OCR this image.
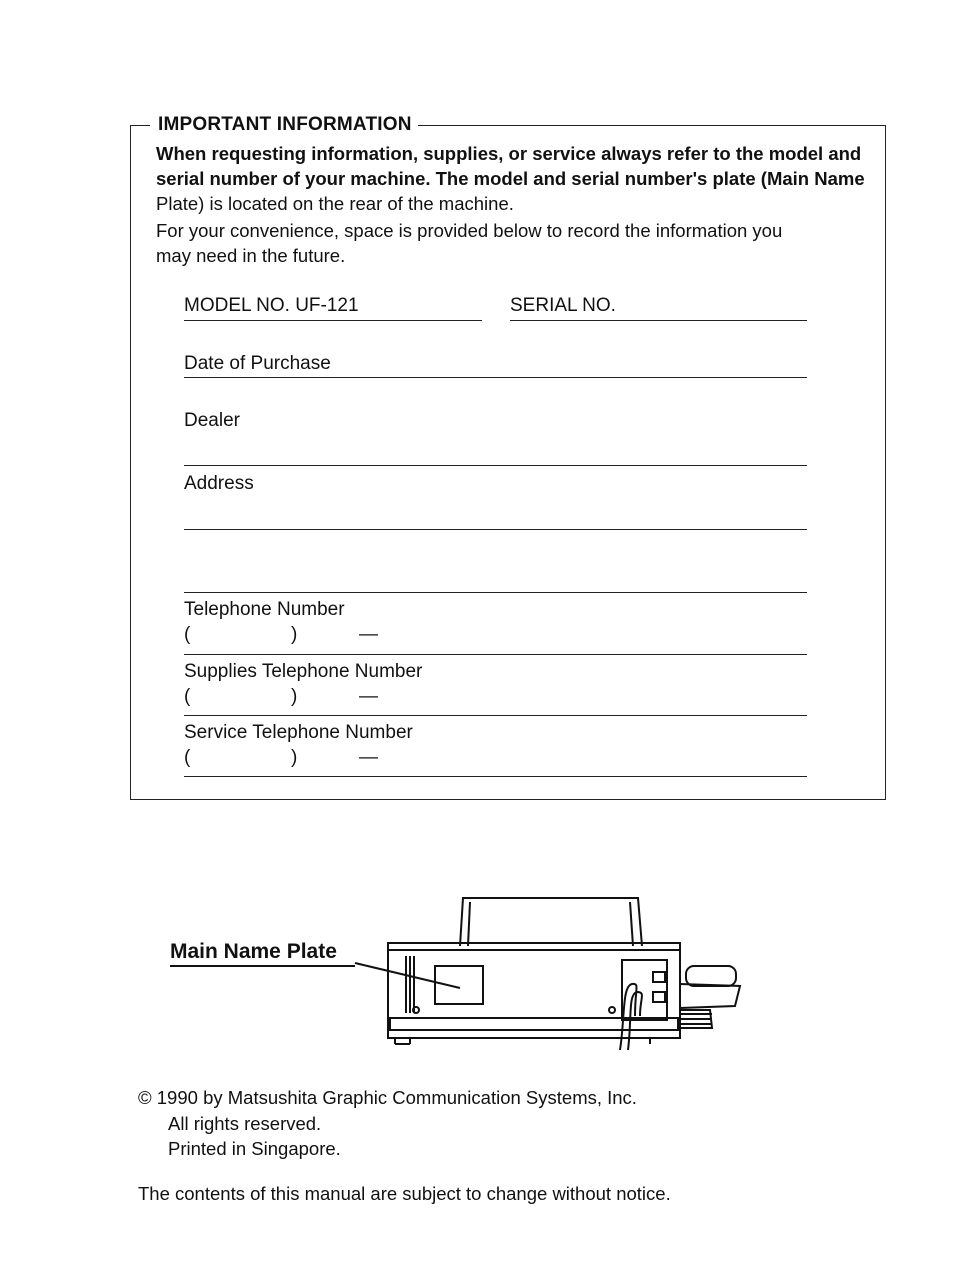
IMPORTANT INFORMATION
When requesting information, supplies, or service always refer to the model and
serial number of your machine. The model and serial number's plate (Main Name
Plate) is located on the rear of the machine.
For your convenience, space is provided below to record the information you
may need in the future.
MODEL NO. UF-121	SERIAL NO.
Date of Purchase
Dealer
Address
Telephone Number
(	)	—
Supplies Telephone Number
(	)	—
Service Telephone Number
(	)	—
Main Name Plate
© 1990 by Matsushita Graphic Communication Systems, Inc.
All rights reserved.
Printed in Singapore.
The contents of this manual are subject to change without notice.
